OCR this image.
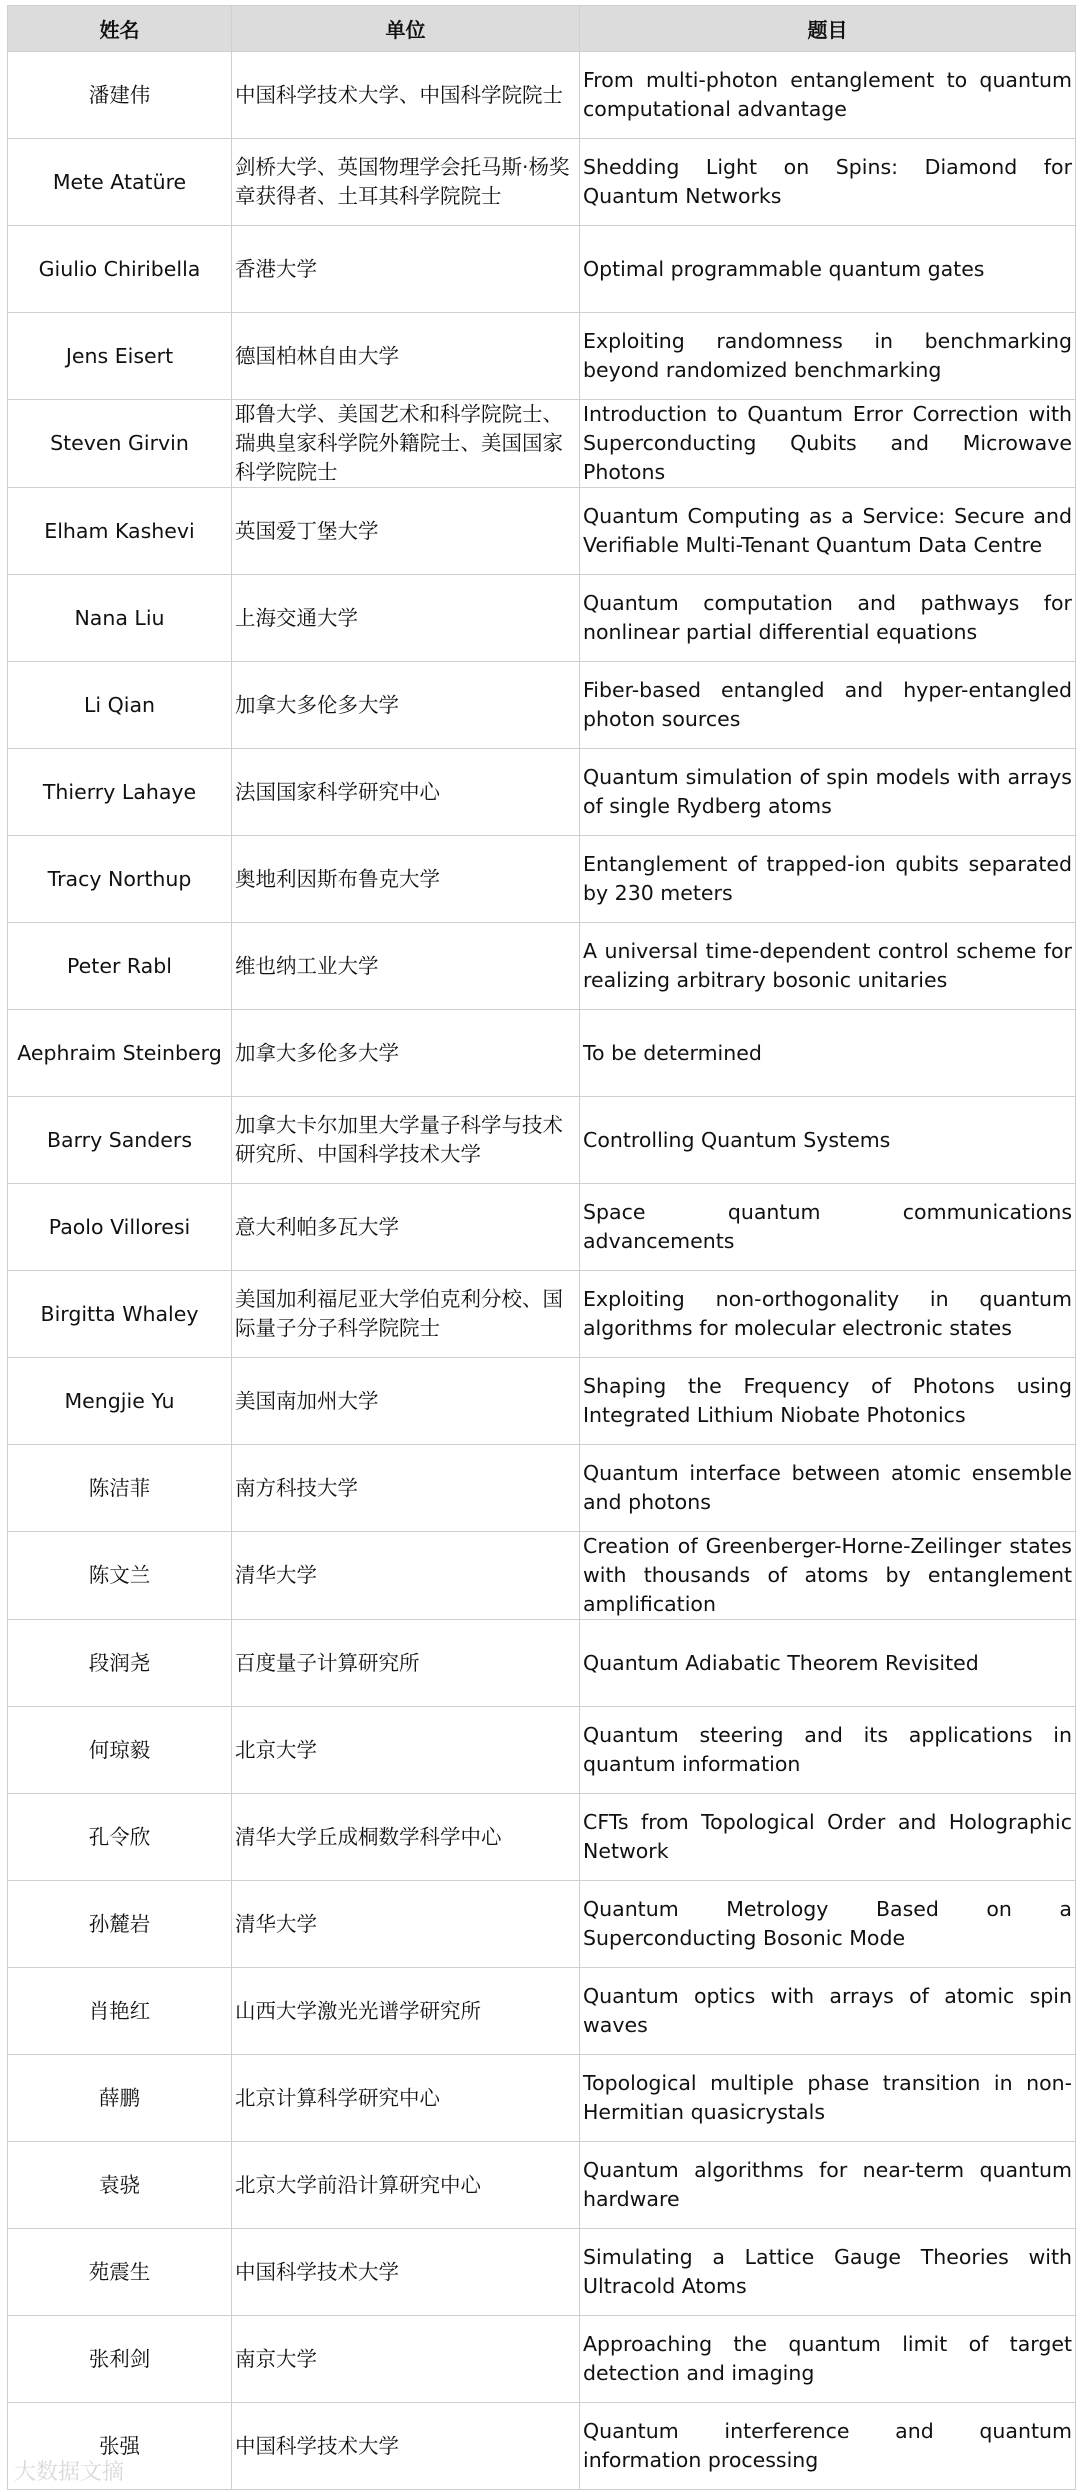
姓名	单位	题目
潘建伟	中国科学技术大学、中国科学院院士	From multi-photon entanglement to quantum computational advantage
Mete Atatüre	剑桥大学、英国物理学会托马斯·杨奖章获得者、土耳其科学院院士	Shedding Light on Spins: Diamond for Quantum Networks
Giulio Chiribella	香港大学	Optimal programmable quantum gates
Jens Eisert	德国柏林自由大学	Exploiting randomness in benchmarking beyond randomized benchmarking
Steven Girvin	耶鲁大学、美国艺术和科学院院士、瑞典皇家科学院外籍院士、美国国家科学院院士	Introduction to Quantum Error Correction with Superconducting Qubits and Microwave Photons
Elham Kashevi	英国爱丁堡大学	Quantum Computing as a Service: Secure and Verifiable Multi-Tenant Quantum Data Centre
Nana Liu	上海交通大学	Quantum computation and pathways for nonlinear partial differential equations
Li Qian	加拿大多伦多大学	Fiber-based entangled and hyper-entangled photon sources
Thierry Lahaye	法国国家科学研究中心	Quantum simulation of spin models with arrays of single Rydberg atoms
Tracy Northup	奥地利因斯布鲁克大学	Entanglement of trapped-ion qubits separated by 230 meters
Peter Rabl	维也纳工业大学	A universal time-dependent control scheme for realizing arbitrary bosonic unitaries
Aephraim Steinberg	加拿大多伦多大学	To be determined
Barry Sanders	加拿大卡尔加里大学量子科学与技术研究所、中国科学技术大学	Controlling Quantum Systems
Paolo Villoresi	意大利帕多瓦大学	Space quantum communications advancements
Birgitta Whaley	美国加利福尼亚大学伯克利分校、国际量子分子科学院院士	Exploiting non-orthogonality in quantum algorithms for molecular electronic states
Mengjie Yu	美国南加州大学	Shaping the Frequency of Photons using Integrated Lithium Niobate Photonics
陈洁菲	南方科技大学	Quantum interface between atomic ensemble and photons
陈文兰	清华大学	Creation of Greenberger-Horne-Zeilinger states with thousands of atoms by entanglement amplification
段润尧	百度量子计算研究所	Quantum Adiabatic Theorem Revisited
何琼毅	北京大学	Quantum steering and its applications in quantum information
孔令欣	清华大学丘成桐数学科学中心	CFTs from Topological Order and Holographic Network
孙麓岩	清华大学	Quantum Metrology Based on a Superconducting Bosonic Mode
肖艳红	山西大学激光光谱学研究所	Quantum optics with arrays of atomic spin waves
薛鹏	北京计算科学研究中心	Topological multiple phase transition in non-Hermitian quasicrystals
袁骁	北京大学前沿计算研究中心	Quantum algorithms for near-term quantum hardware
苑震生	中国科学技术大学	Simulating a Lattice Gauge Theories with Ultracold Atoms
张利剑	南京大学	Approaching the quantum limit of target detection and imaging
张强	中国科学技术大学	Quantum interference and quantum information processing
大数据文摘
